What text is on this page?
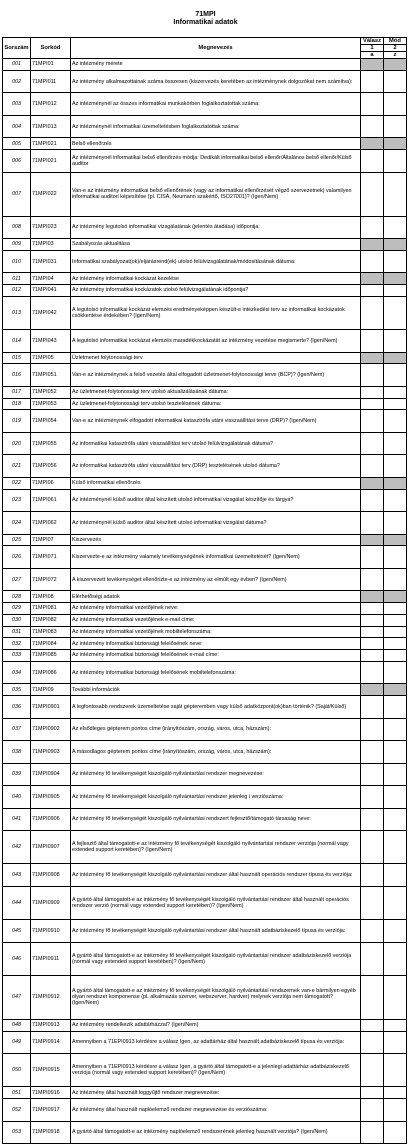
71MPI
Informatikai adatok
Sorszám	Sorkód	Megnevezés	Válasz	Mód
			1	2
			a	z
001	71MPI01	Az intézmény mérete		
002	71MPI011	Az intézmény alkalmazottainak száma összesen (kiszervezés keretében az intézménynek dolgozókat nem számítva):		
003	71MPI012	Az intézménynél az összes informatikai munkakörben foglalkoztatottak száma:		
004	71MPI013	Az intézménynél informatikai üzemeltetésben foglalkoztatottak száma:		
005	71MPI021	Belső ellenőrzés		
006	71MPI021	Az intézménynél informatikai belső ellenőrzés módja: Dedikált informatikai belső ellenőr/Általános belső ellenőr/Külső auditor		
007	71MPI022	Van-e az intézmény informatikai belső ellenőrének (vagy az informatikai ellenőrzését végző szervezetnek) valamilyen informatikai auditori képesítése (pl. CISA, Neumann szakértő, ISO27001)? (Igen/Nem)		
008	71MPI023	Az intézmény legutolsó informatikai vizsgálatának (jelentés átadása) időpontja:		
009	71MPI03	Szabályozás aktualitása		
010	71MPI031	Informatikai szabályozat(ok)/eljárásrend(ek) utolsó felülvizsgálatának/módosításának dátuma:		
011	71MPI04	Az intézmény informatikai kockázat kezelése		
012	71MPI041	Az intézmény informatikai kockázatok utolsó felülvizsgálatának időpontja?		
013	71MPI042	A legutolsó informatikai kockázat elemzés eredményeképpen készült-e intézkedési terv az informatikai kockázatok csökkentése érdekében? (Igen/Nem)		
014	71MPI043	A legutolsó informatikai kockázat elemzés maradékkockázatát az intézmény vezetése megismerte? (Igen/Nem)		
015	71MPI05	Üzletmenet folytonossági terv		
016	71MPI051	Van-e az intézménynek a felső vezetés által elfogadott üzletmenet-folytonossági terve (BCP)? (Igen/Nem)		
017	71MPI052	Az üzletmenet-folytonossági terv utolsó aktualizálásának dátuma:		
018	71MPI053	Az üzletmenet-folytonossági terv utolsó tesztelésének dátuma:		
019	71MPI054	Van-e az intézménynek elfogadott informatikai katasztrófa utáni visszaállítási terve (DRP)? (Igen/Nem)		
020	71MPI055	Az informatikai katasztrófa utáni visszaállítási terv utolsó felülvizsgálatának dátuma?		
021	71MPI056	Az informatikai katasztrófa utáni visszaállítási terv (DRP) tesztelésének utolsó dátuma?		
022	71MPI06	Külső informatikai ellenőrzés		
023	71MPI061	Az intézménynél külső auditor által készített utolsó informatikai vizsgálat készítője és tárgya?		
024	71MPI062	Az intézménynél külső auditor által készített utolsó informatikai vizsgálat dátuma?		
025	71MPI07	Kiszervezés		
026	71MPI071	Kiszervezte-e az intézmény valamely tevékenységének informatikai üzemeltetését? (Igen/Nem)		
027	71MPI072	A kiszervezett tevékenységet ellenőrizte-e az intézmény az elmúlt egy évben? (Igen/Nem)		
028	71MPI08	Elérhetőségi adatok		
029	71MPI081	Az intézmény informatikai vezetőjének neve:		
030	71MPI082	Az intézmény informatikai vezetőjének e-mail címe:		
031	71MPI083	Az intézmény informatikai vezetőjének mobiltelefonszáma:		
032	71MPI084	Az intézmény informatikai biztonsági felelősének neve:		
033	71MPI085	Az intézmény informatikai biztonsági felelősének e-mail címe:		
034	71MPI086	Az intézmény informatikai biztonsági felelősének mobiltelefonszáma:		
035	71MPI09	További információk		
036	71MPI0901	A legfontosabb rendszerek üzemeltetése saját gépteremben vagy külső adatközpont(ok)ban történik? (Saját/Külső)		
037	71MPI0902	Az elsődleges gépterem pontos címe (irányítószám, ország, város, utca, házszám):		
038	71MPI0903	A másodlagos gépterem pontos címe (irányítószám, ország, város, utca, házszám):		
039	71MPI0904	Az intézmény fő tevékenységét kiszolgáló nyilvántartási rendszer megnevezése:		
040	71MPI0905	Az intézmény fő tevékenységét kiszolgáló nyilvántartási rendszer jelenleg i verziószáma:		
041	71MPI0906	Az intézmény fő tevékenységét kiszolgáló nyilvántartási rendszert fejlesztő/támogató társaság neve:		
042	71MPI0907	A fejlesztő által támogatott-e az intézmény fő tevékenységét kiszolgáló nyilvántartási rendszer verziója (normál vagy extended support keretében)? (Igen/Nem)		
043	71MPI0908	Az intézmény fő tevékenységét kiszolgáló nyilvántartási rendszer által használt operációs rendszer típusa és verziója:		
044	71MPI0909	A gyártó által támogatott-e az intézmény fő tevékenységét kiszolgáló nyilvántartási rendszer által használt operációs rendszer verzió (normál vagy extended support keretében)? (Igen/Nem)		
045	71MPI0910	Az intézmény fő tevékenységét kiszolgáló nyilvántartási rendszer által használt adatbáziskezelő típusa és verziója:		
046	71MPI0911	A gyártó által támogatott-e az intézmény fő tevékenységét kiszolgáló nyilvántartási rendszer adatbáziskezelő verziója (normál vagy extended support keretében)? (Igen/Nem)		
047	71MPI0912	A gyártó által támogatott-e az intézmény fő tevékenységét kiszolgáló nyilvántartási rendszernek van-e bármilyen egyéb olyan rendszer komponense (pl. alkalmazás szerver, webszerver, hardver) melynek verziója nem támogatott? (Igen/Nem)		
048	71MPI0913	Az intézmény rendelkezik adattárházzal? (Igen/Nem)		
049	71MPI0914	Amennyiben a 71EPI0913 kérdésre a válasz Igen, az adattárház által használt adatbáziskezelő típusa és verziója:		
050	71MPI0915	Amennyiben a 71EPI0913 kérdésre a válasz Igen, a gyártó által támogatott-e a jelenlegi adattárház adatbáziskezelő verziója (normál vagy extended support keretében)? (Igen/Nem)		
051	71MPI0916	Az intézmény által használt loggyűjtő rendszer megnevezése:		
052	71MPI0917	Az intézmény által használt naplóelemző rendszer megnevezése és verziószáma:		
053	71MPI0918	A gyártó által támogatott-e az intézmény naplóelemző rendszerének jelenleg használt verziója? (Igen/Nem)		
